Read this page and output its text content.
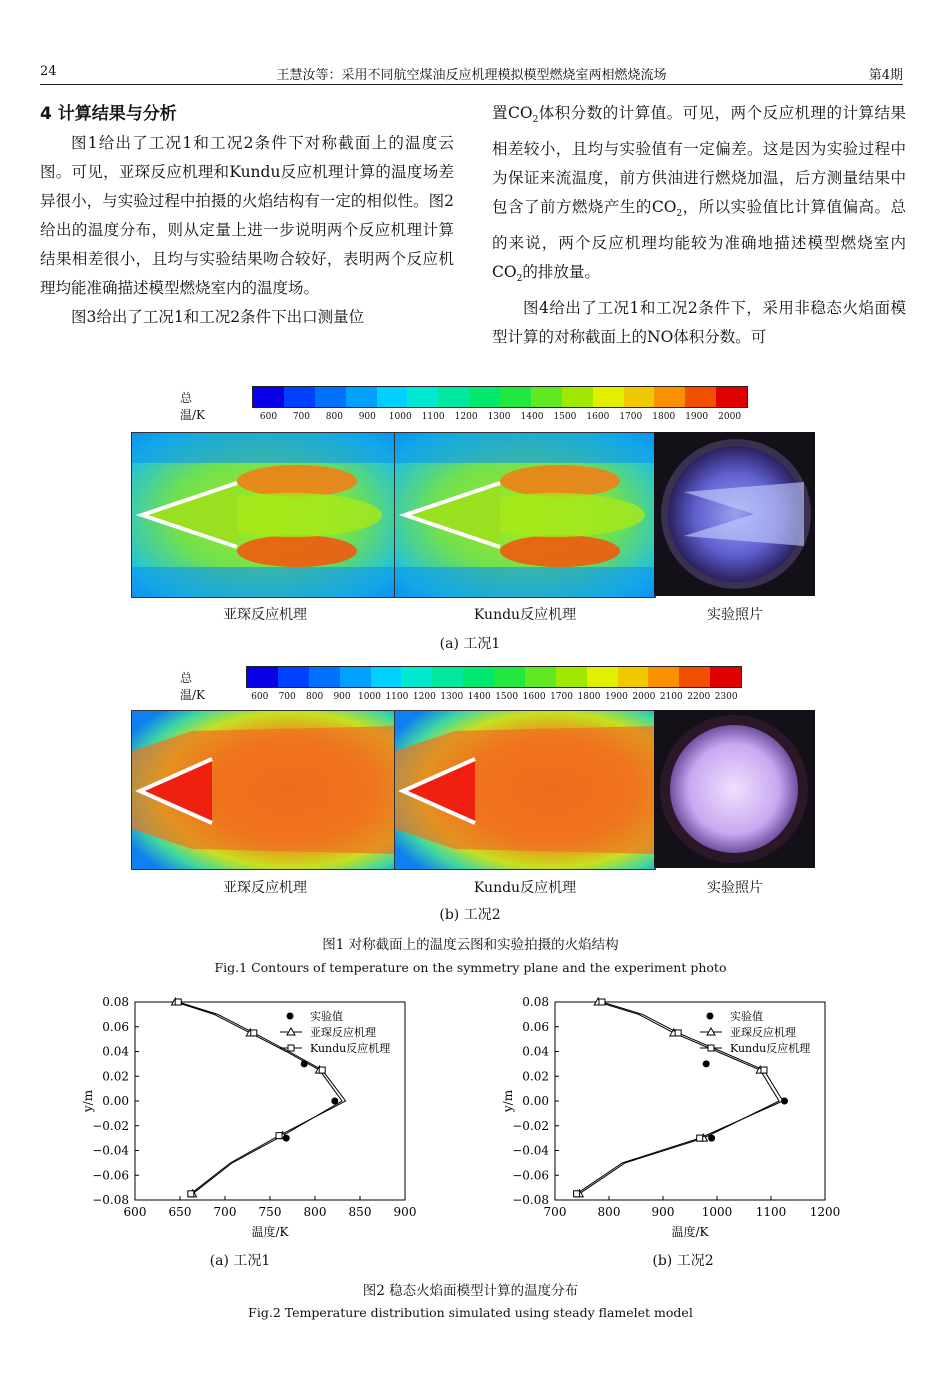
24	王慧汝等：采用不同航空煤油反应机理模拟模型燃烧室两相燃烧流场	第4期

4 计算结果与分析

图1给出了工况1和工况2条件下对称截面上的温度云图。可见，亚琛反应机理和Kundu反应机理计算的温度场差异很小，与实验过程中拍摄的火焰结构有一定的相似性。图2给出的温度分布，则从定量上进一步说明两个反应机理计算结果相差很小，且均与实验结果吻合较好，表明两个反应机理均能准确描述模型燃烧室内的温度场。

图3给出了工况1和工况2条件下出口测量位

置$CO_2$体积分数的计算值。可见，两个反应机理的计算结果相差较小，且均与实验值有一定偏差。这是因为实验过程中为保证来流温度，前方供油进行燃烧加温，后方测量结果中包含了前方燃烧产生的$CO_2$，所以实验值比计算值偏高。总的来说，两个反应机理均能较为准确地描述模型燃烧室内$CO_2$的排放量。

图4给出了工况1和工况2条件下，采用非稳态火焰面模型计算的对称截面上的NO体积分数。可

总温/K	600	700	800	900	1000	1100	1200	1300	1400	1500	1600	1700	1800	1900	2000
亚琛反应机理	Kundu反应机理	实验照片
(a) 工况1
总温/K	600	700	800	900 1000 1100 1200 1300 1400 1500 1600 1700 1800 1900 2000 2100 2200 2300
亚琛反应机理	Kundu反应机理	实验照片
(b) 工况2
图1 对称截面上的温度云图和实验拍摄的火焰结构
Fig.1 Contours of temperature on the symmetry plane and the experiment photo
0.08
0.06
0.04
0.02
0.00
−0.02
−0.04
−0.06
−0.08
600 650 700 750 800 850 900
温度/K
y/m
实验值
亚琛反应机理
Kundu反应机理
0.08
0.06
0.04
0.02
0.00
−0.02
−0.04
−0.06
−0.08
700	800	900 1000 1100 1200
温度/K
y/m
实验值
亚琛反应机理
Kundu反应机理
(a) 工况1	(b) 工况2
图2 稳态火焰面模型计算的温度分布
Fig.2 Temperature distribution simulated using steady flamelet model
